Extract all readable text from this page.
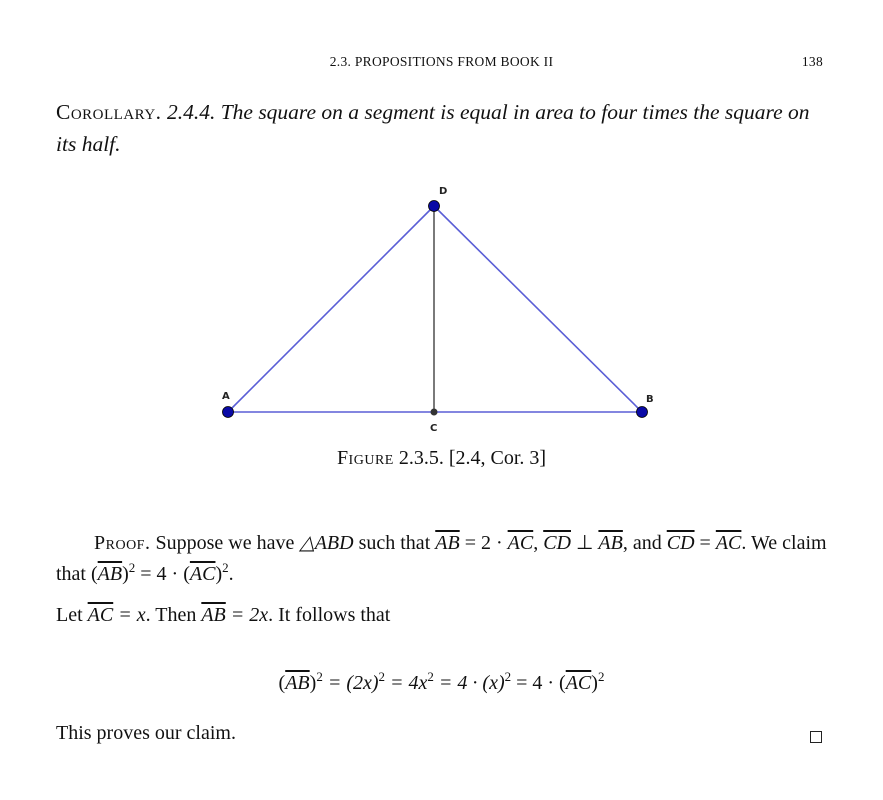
2.3. PROPOSITIONS FROM BOOK II	138
Corollary. 2.4.4. The square on a segment is equal in area to four times the square on its half.
A	B
C
D
Figure 2.3.5. [2.4, Cor. 3]

Proof. Suppose we have △ABD such that $\overline{AB} = 2 \cdot \overline{AC}$, $\overline{CD}$ ⊥ $\overline{AB}$, and $\overline{CD} = \overline{AC}$. We claim that $(\overline{AB})^2 = 4 \cdot (\overline{AC})^2$.

Let $\overline{AC} = x$. Then $\overline{AB} = 2x$. It follows that

$(\overline{AB})^2 = (2x)^2 = 4x^2 = 4 \cdot (x)^2 = 4 \cdot (\overline{AC})^2$
This proves our claim.
